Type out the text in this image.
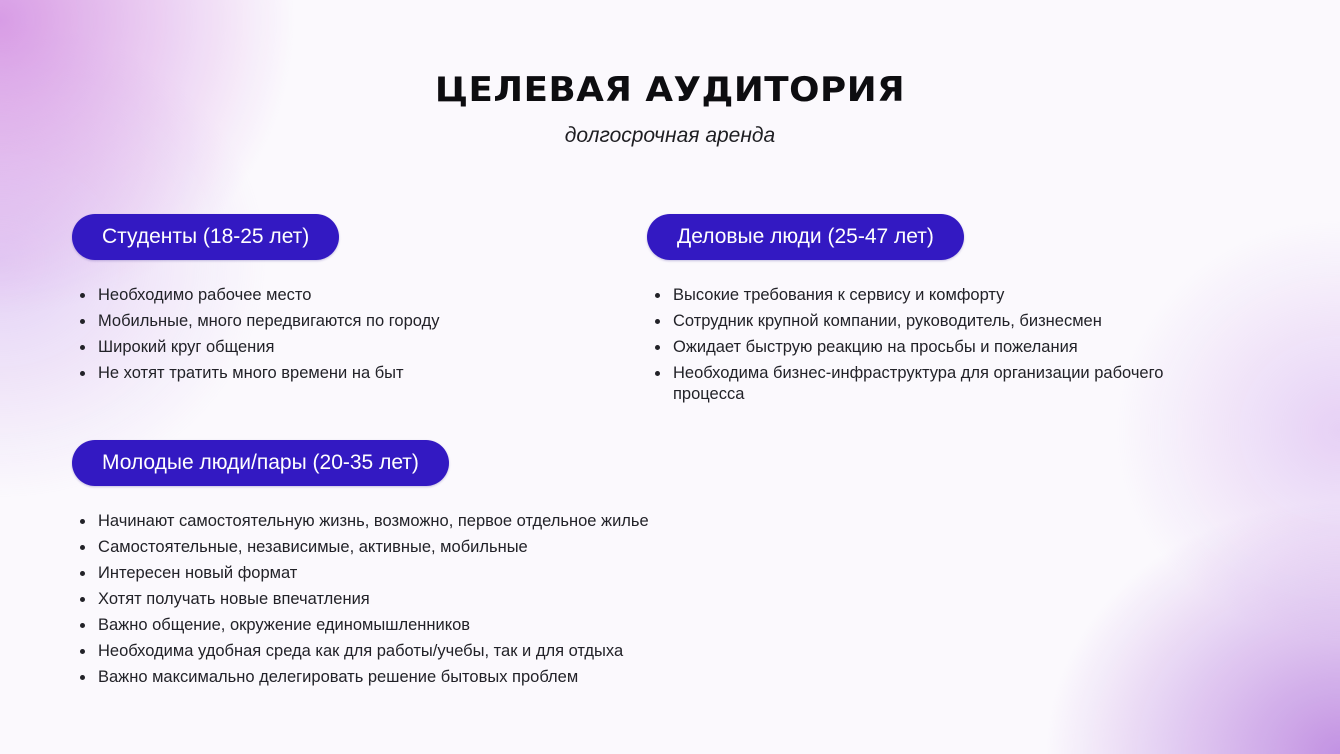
ЦЕЛЕВАЯ АУДИТОРИЯ
долгосрочная аренда
Студенты (18-25 лет)
Необходимо рабочее место
Мобильные, много передвигаются по городу
Широкий круг общения
Не хотят тратить много времени на быт
Деловые люди (25-47 лет)
Высокие требования к сервису и комфорту
Сотрудник крупной компании, руководитель, бизнесмен
Ожидает быструю реакцию на просьбы и пожелания
Необходима бизнес-инфраструктура для организации рабочего процесса
Молодые люди/пары (20-35 лет)
Начинают самостоятельную жизнь, возможно, первое отдельное жилье
Самостоятельные, независимые, активные, мобильные
Интересен новый формат
Хотят получать новые впечатления
Важно общение, окружение единомышленников
Необходима удобная среда как для работы/учебы, так и для отдыха
Важно максимально делегировать решение бытовых проблем
